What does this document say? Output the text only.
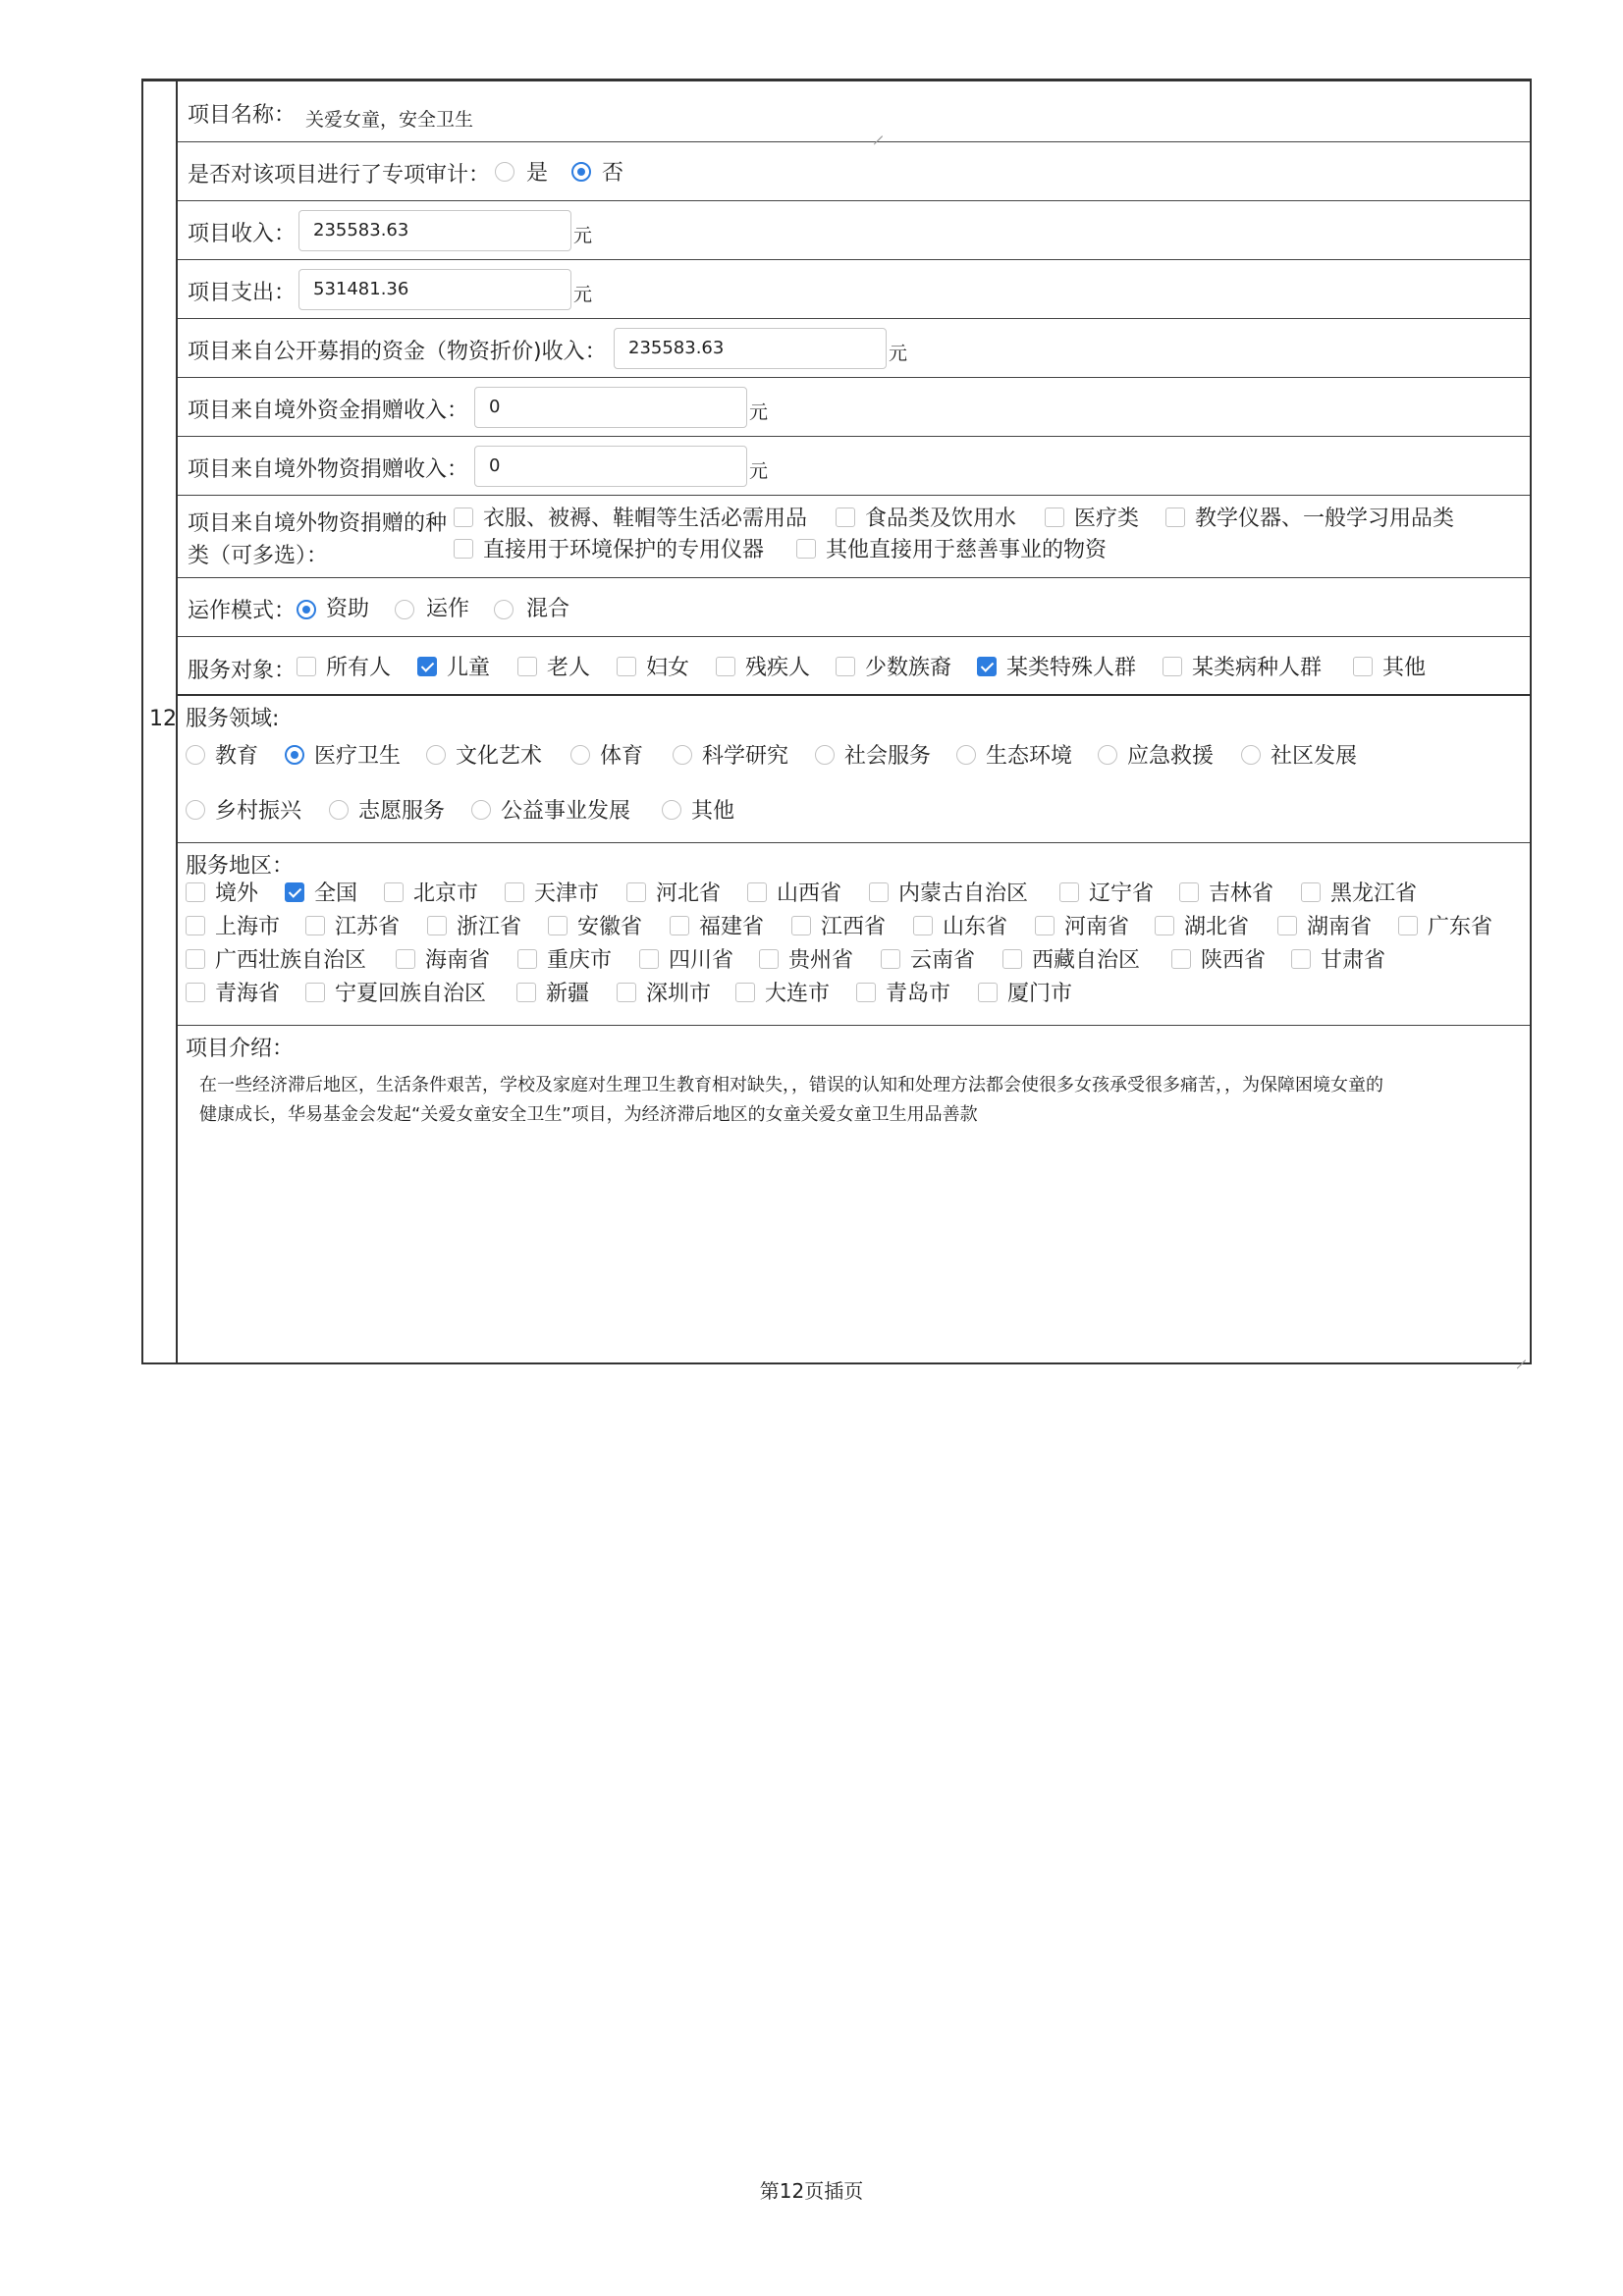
12
项目名称： 关爱女童，安全卫生
是否对该项目进行了专项审计： 是 否
项目收入： 235583.63	元
项目支出： 531481.36	元
项目来自公开募捐的资金（物资折价)收入：	235583.63	元
项目来自境外资金捐赠收入：	0	元
项目来自境外物资捐赠收入：	0	元
项目来自境外物资捐赠的种
类（可多选）：
衣服、被褥、鞋帽等生活必需用品	食品类及饮用水	医疗类	教学仪器、一般学习用品类
直接用于环境保护的专用仪器	其他直接用于慈善事业的物资
运作模式： 资助	运作	混合
服务对象： 所有人	儿童	老人	妇女	残疾人	少数族裔	某类特殊人群	某类病种人群	其他
服务领域:
教育	医疗卫生	文化艺术	体育	科学研究	社会服务	生态环境	应急救援	社区发展
乡村振兴	志愿服务	公益事业发展	其他
服务地区：
境外	全国	北京市	天津市	河北省	山西省	内蒙古自治区	辽宁省	吉林省	黑龙江省
上海市	江苏省	浙江省	安徽省	福建省	江西省	山东省	河南省	湖北省	湖南省	广东省
广西壮族自治区	海南省	重庆市	四川省	贵州省	云南省	西藏自治区	陕西省	甘肃省
青海省	宁夏回族自治区	新疆	深圳市 大连市	青岛市	厦门市
项目介绍：
在一些经济滞后地区，生活条件艰苦，学校及家庭对生理卫生教育相对缺失，，错误的认知和处理方法都会使很多女孩承受很多痛苦，，为保障困境女童的
健康成长，华易基金会发起“关爱女童安全卫生”项目，为经济滞后地区的女童关爱女童卫生用品善款
第12页插页
